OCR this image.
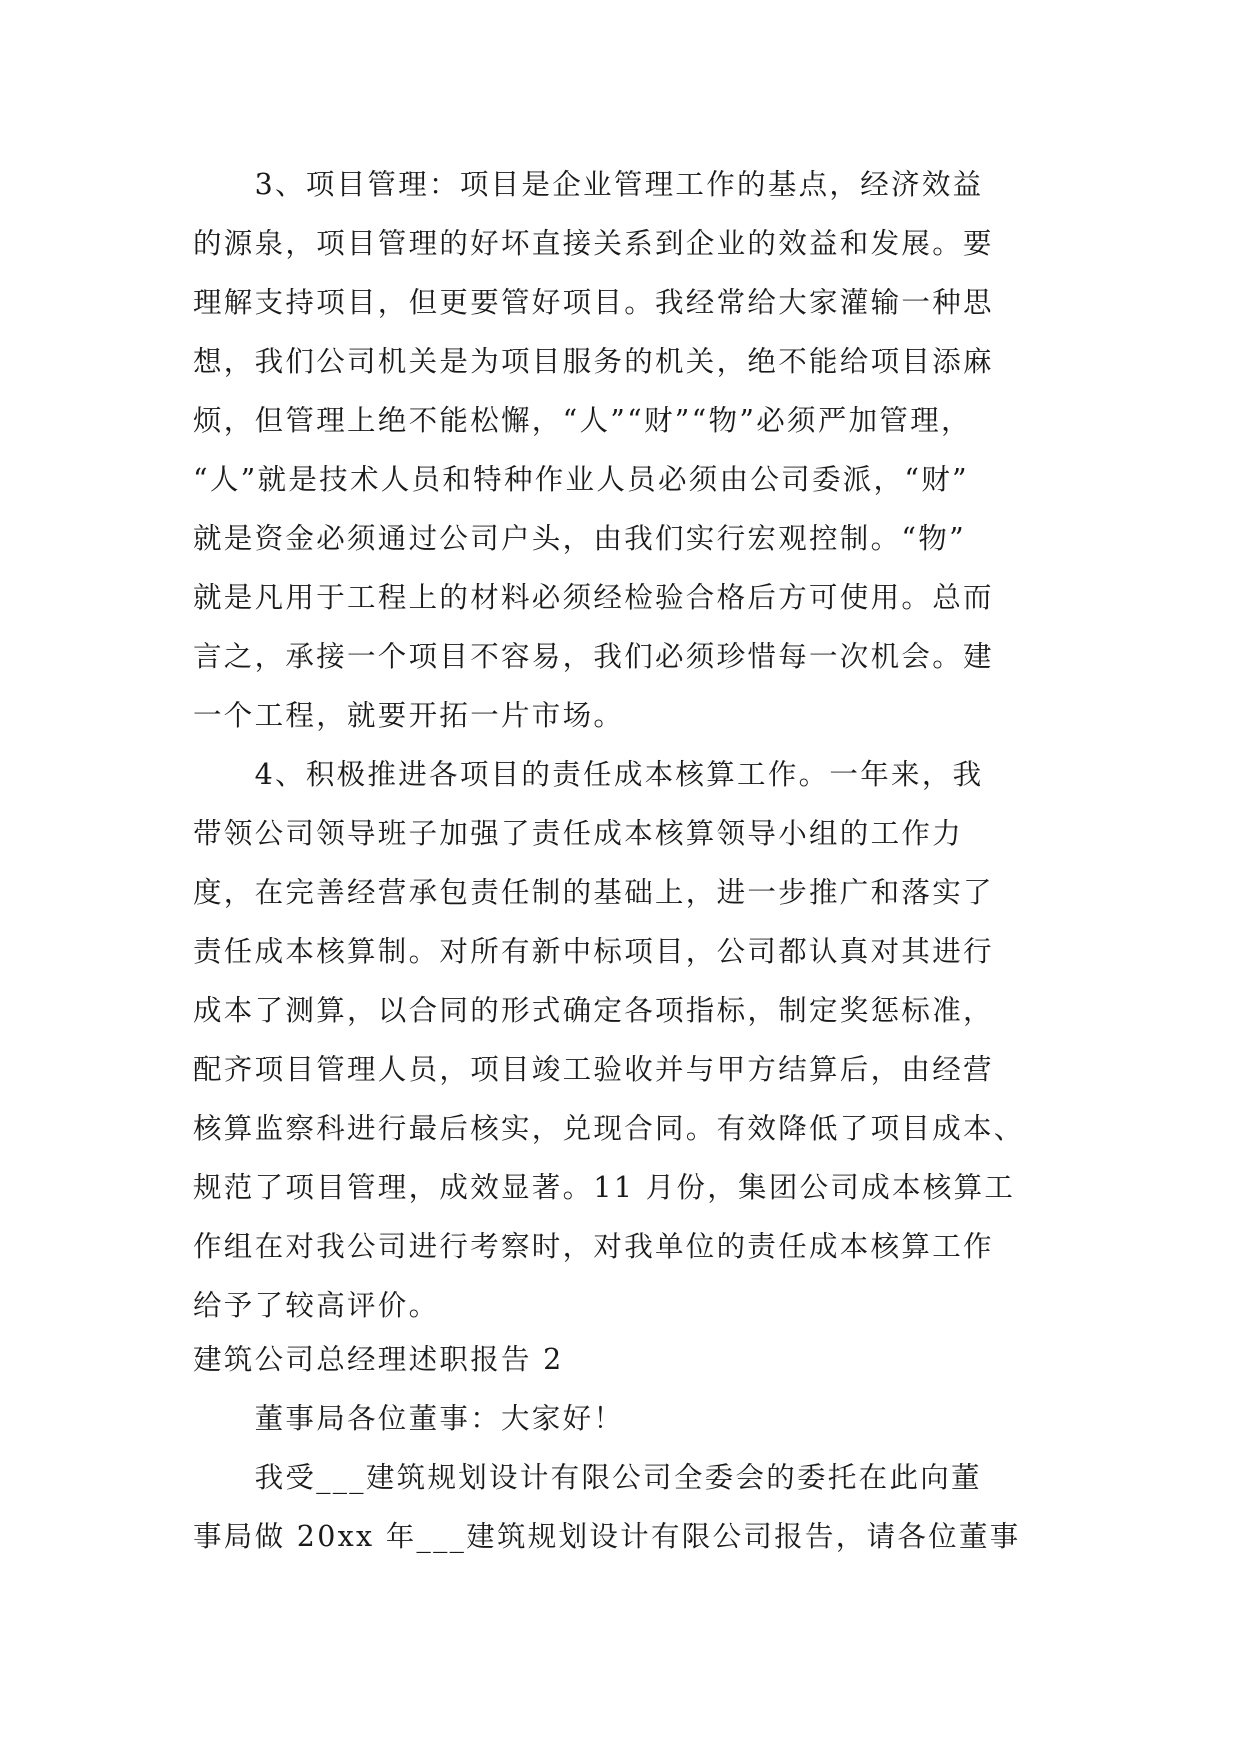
　　3、项目管理：项目是企业管理工作的基点，经济效益
的源泉，项目管理的好坏直接关系到企业的效益和发展。要
理解支持项目，但更要管好项目。我经常给大家灌输一种思
想，我们公司机关是为项目服务的机关，绝不能给项目添麻
烦，但管理上绝不能松懈，“人”“财”“物”必须严加管理，
“人”就是技术人员和特种作业人员必须由公司委派，“财”
就是资金必须通过公司户头，由我们实行宏观控制。“物”
就是凡用于工程上的材料必须经检验合格后方可使用。总而
言之，承接一个项目不容易，我们必须珍惜每一次机会。建
一个工程，就要开拓一片市场。
　　4、积极推进各项目的责任成本核算工作。一年来，我
带领公司领导班子加强了责任成本核算领导小组的工作力
度，在完善经营承包责任制的基础上，进一步推广和落实了
责任成本核算制。对所有新中标项目，公司都认真对其进行
成本了测算，以合同的形式确定各项指标，制定奖惩标准，
配齐项目管理人员，项目竣工验收并与甲方结算后，由经营
核算监察科进行最后核实，兑现合同。有效降低了项目成本、
规范了项目管理，成效显著。11 月份，集团公司成本核算工
作组在对我公司进行考察时，对我单位的责任成本核算工作
给予了较高评价。
建筑公司总经理述职报告 2
　　董事局各位董事：大家好！
　　我受___建筑规划设计有限公司全委会的委托在此向董
事局做 20xx 年___建筑规划设计有限公司报告，请各位董事
